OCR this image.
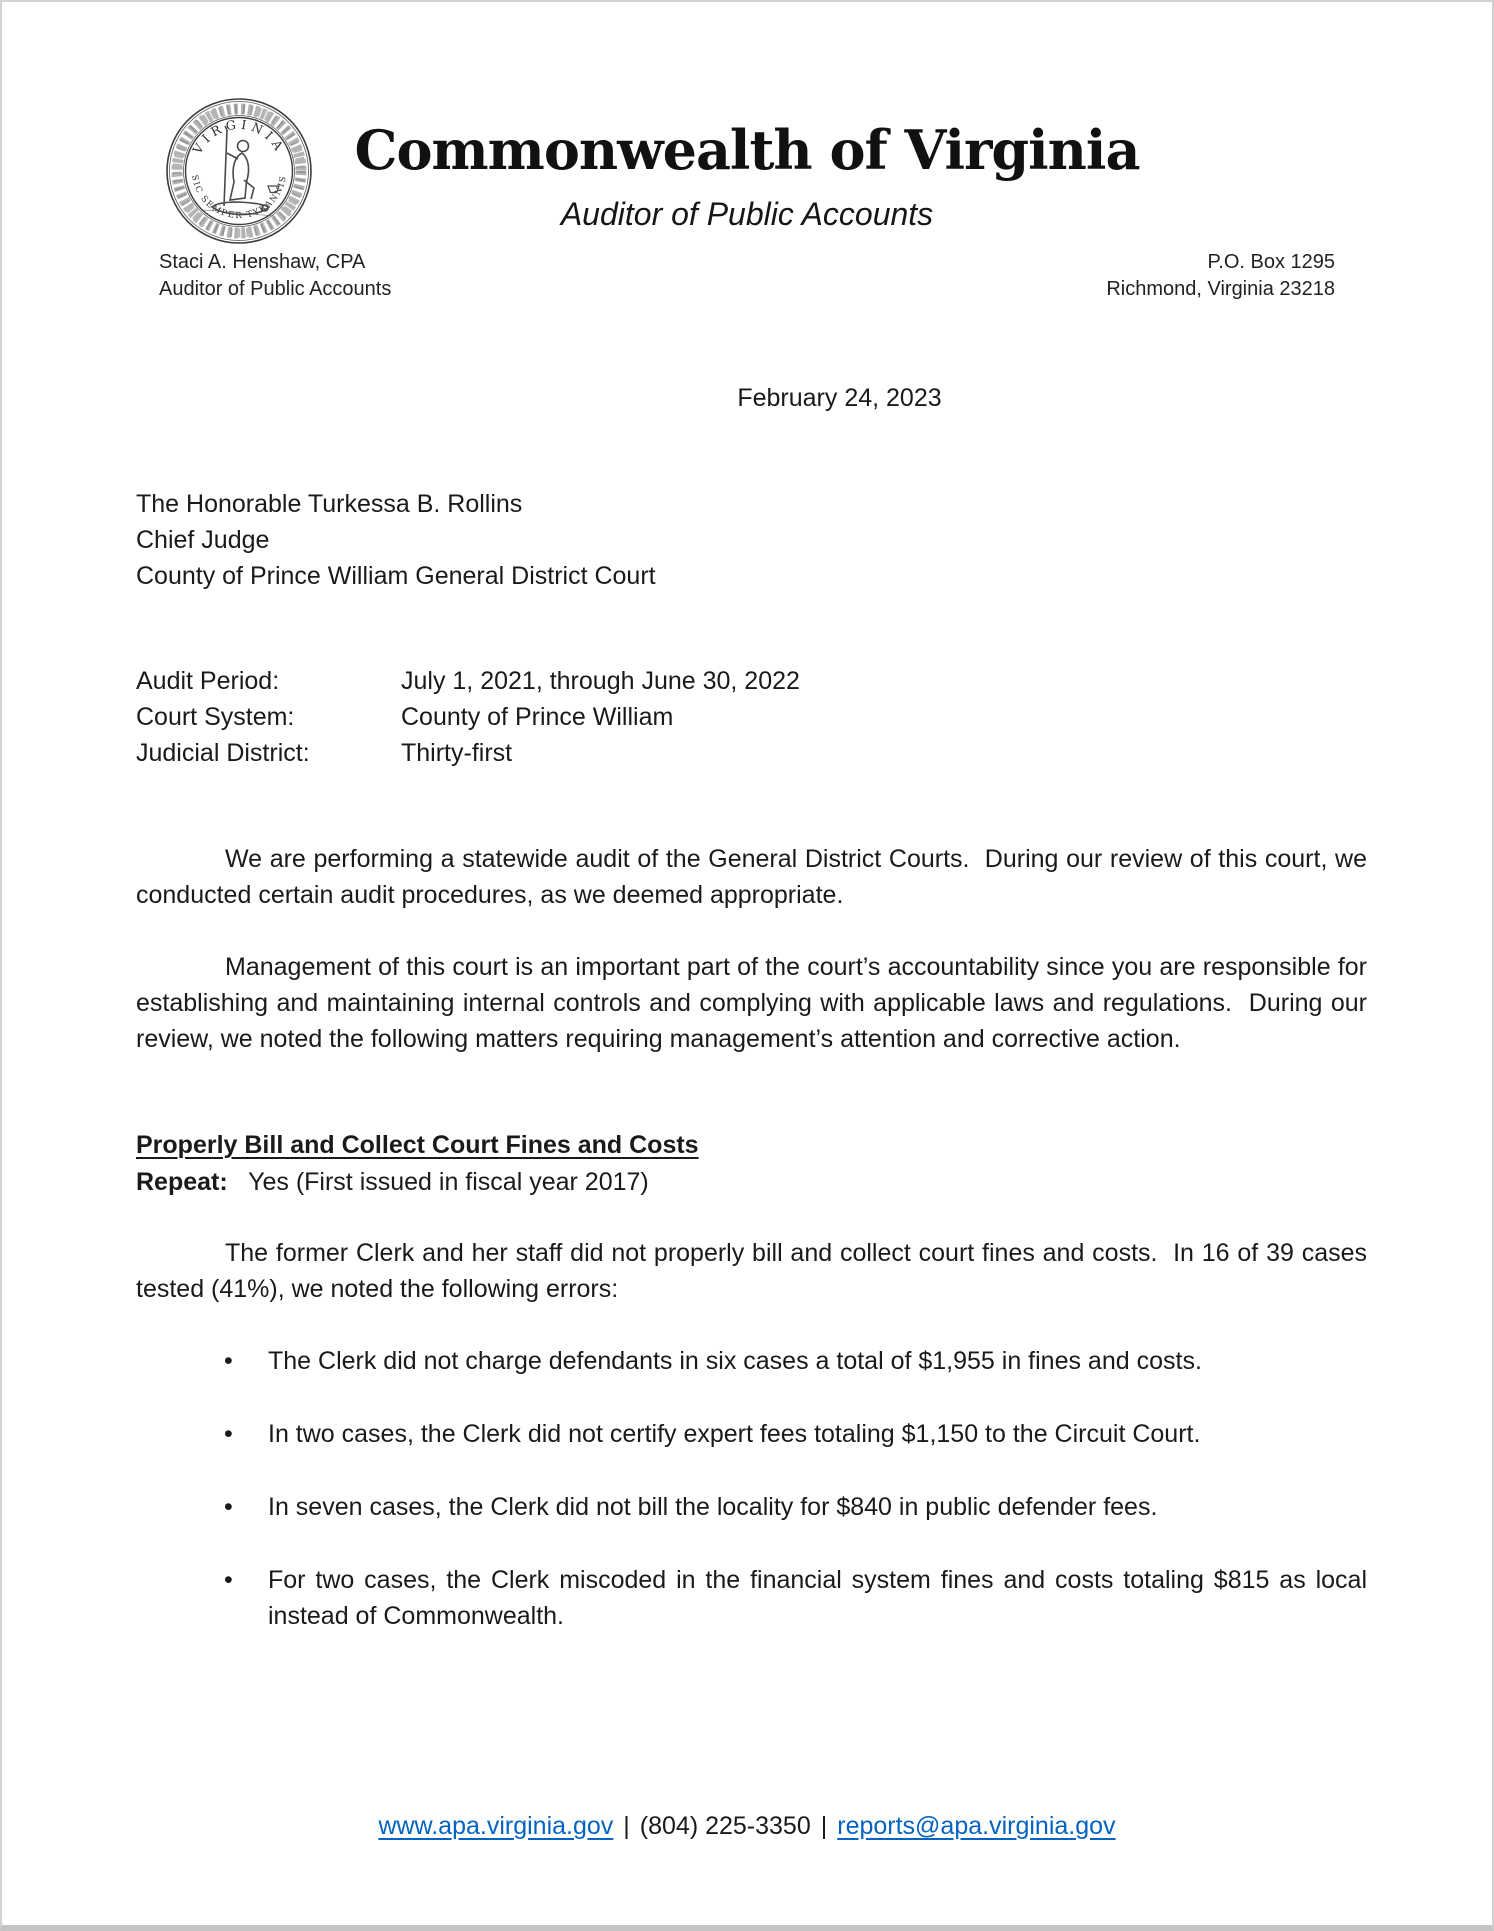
VIRGINIA
SIC SEMPER TYRANNIS	Commonwealth of Virginia
Auditor of Public Accounts
Staci A. Henshaw, CPA
Auditor of Public Accounts
P.O. Box 1295
Richmond, Virginia 23218
February 24, 2023
The Honorable Turkessa B. Rollins
Chief Judge
County of Prince William General District Court
Audit Period:	July 1, 2021, through June 30, 2022
Court System:	County of Prince William
Judicial District:	Thirty-first

We are performing a statewide audit of the General District Courts.  During our review of this court, we conducted certain audit procedures, as we deemed appropriate.

Management of this court is an important part of the court’s accountability since you are responsible for establishing and maintaining internal controls and complying with applicable laws and regulations.  During our review, we noted the following matters requiring management’s attention and corrective action.

Properly Bill and Collect Court Fines and Costs
Repeat: Yes (First issued in fiscal year 2017)

The former Clerk and her staff did not properly bill and collect court fines and costs.  In 16 of 39 cases tested (41%), we noted the following errors:

• The Clerk did not charge defendants in six cases a total of $1,955 in fines and costs.
• In two cases, the Clerk did not certify expert fees totaling $1,150 to the Circuit Court.
• In seven cases, the Clerk did not bill the locality for $840 in public defender fees.
• For two cases, the Clerk miscoded in the financial system fines and costs totaling $815 as local instead of Commonwealth.
www.apa.virginia.gov | (804) 225-3350 | reports@apa.virginia.gov
